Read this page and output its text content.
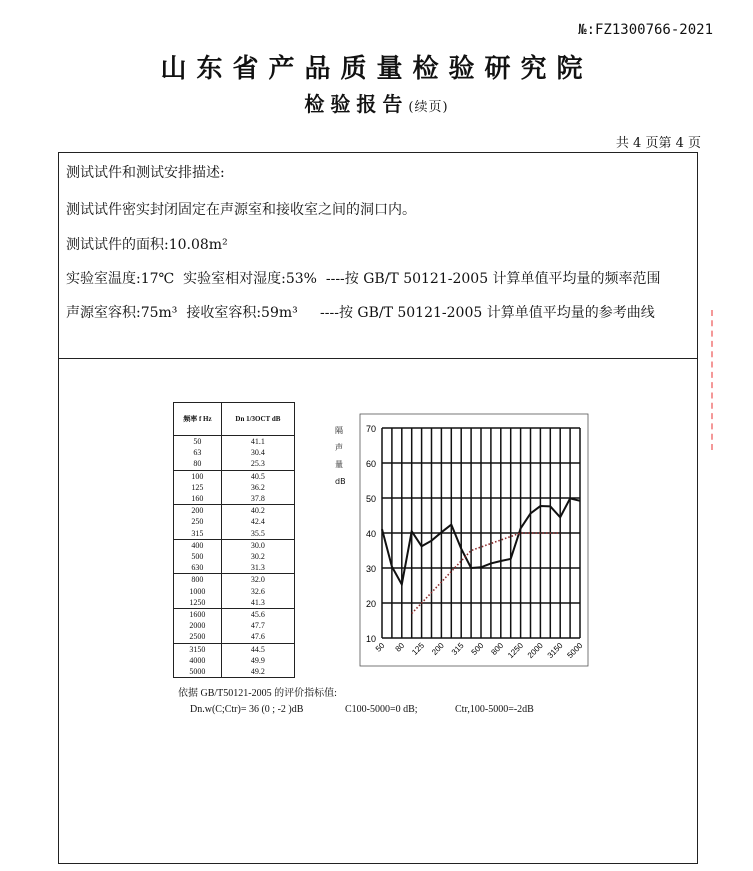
№:FZ1300766-2021
山东省产品质量检验研究院
检验报告(续页)
共 4 页第 4 页
测试试件和测试安排描述:
测试试件密实封闭固定在声源室和接收室之间的洞口内。
测试试件的面积:10.08m²
实验室温度:17℃ 实验室相对湿度:53% ----按 GB/T 50121-2005 计算单值平均量的频率范围
声源室容积:75m³ 接收室容积:59m³ ----按 GB/T 50121-2005 计算单值平均量的参考曲线
频率 f Hz	Dn 1/3OCT dB
50	41.1
63	30.4
80	25.3
100	40.5
125	36.2
160	37.8
200	40.2
250	42.4
315	35.5
400	30.0
500	30.2
630	31.3
800	32.0
1000	32.6
1250	41.3
1600	45.6
2000	47.7
2500	47.6
3150	44.5
4000	49.9
5000	49.2
10
20
30
40
50
60
70
50 80 125 200 315 500 800 1250 2000 3150 5000
隔声量 dB
依据 GB/T50121-2005 的评价指标值:
Dn.w(C;Ctr)= 36 (0 ; -2 )dB	C100-5000=0 dB;	Ctr,100-5000=-2dB
